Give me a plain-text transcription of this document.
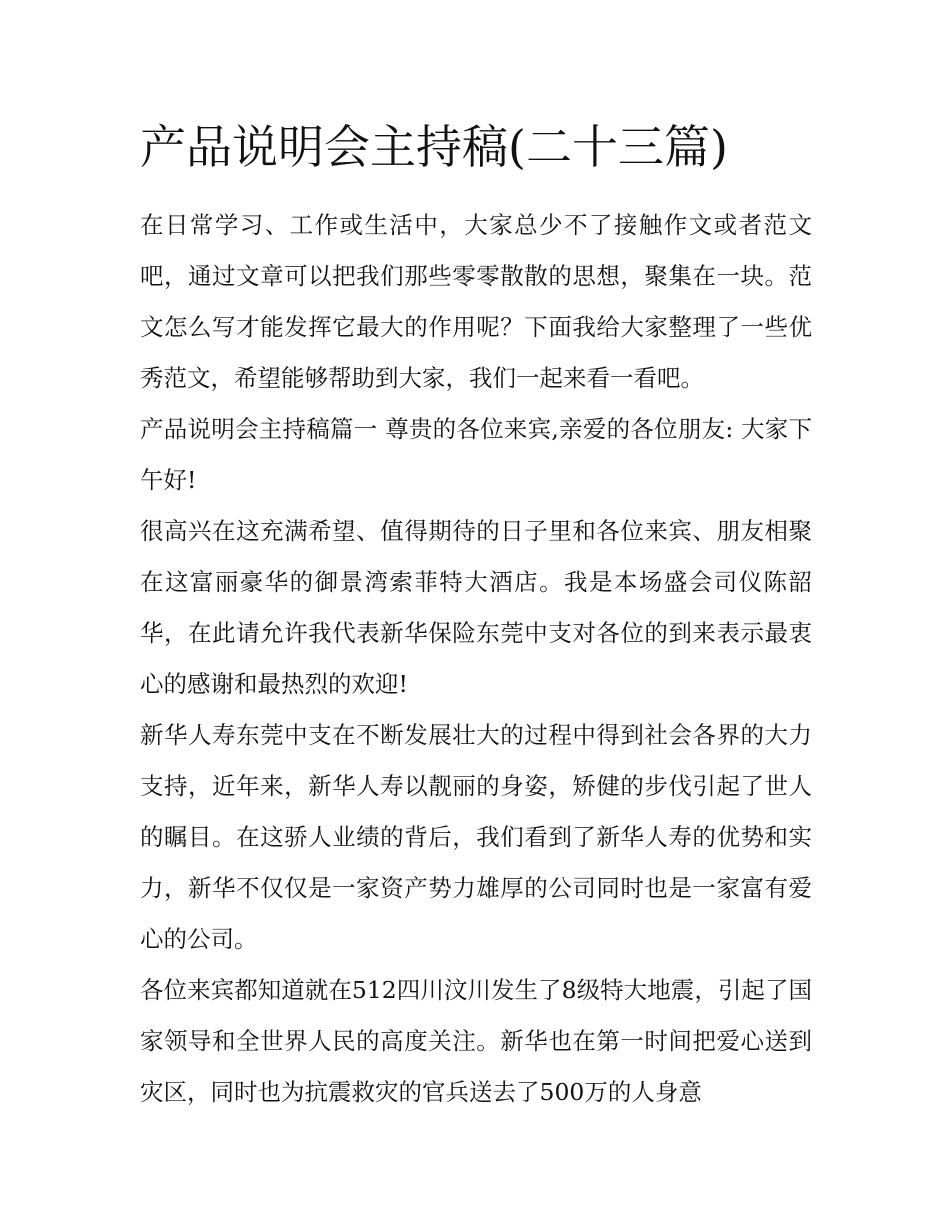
产品说明会主持稿(二十三篇)

在日常学习、工作或生活中，大家总少不了接触作文或者范文吧，通过文章可以把我们那些零零散散的思想，聚集在一块。范文怎么写才能发挥它最大的作用呢？下面我给大家整理了一些优秀范文，希望能够帮助到大家，我们一起来看一看吧。

产品说明会主持稿篇一 尊贵的各位来宾,亲爱的各位朋友: 大家下午好!

很高兴在这充满希望、值得期待的日子里和各位来宾、朋友相聚在这富丽豪华的御景湾索菲特大酒店。我是本场盛会司仪陈韶华，在此请允许我代表新华保险东莞中支对各位的到来表示最衷心的感谢和最热烈的欢迎!

新华人寿东莞中支在不断发展壮大的过程中得到社会各界的大力支持，近年来，新华人寿以靓丽的身姿，矫健的步伐引起了世人的瞩目。在这骄人业绩的背后，我们看到了新华人寿的优势和实力，新华不仅仅是一家资产势力雄厚的公司同时也是一家富有爱心的公司。

各位来宾都知道就在512四川汶川发生了8级特大地震，引起了国家领导和全世界人民的高度关注。新华也在第一时间把爱心送到灾区，同时也为抗震救灾的官兵送去了500万的人身意
